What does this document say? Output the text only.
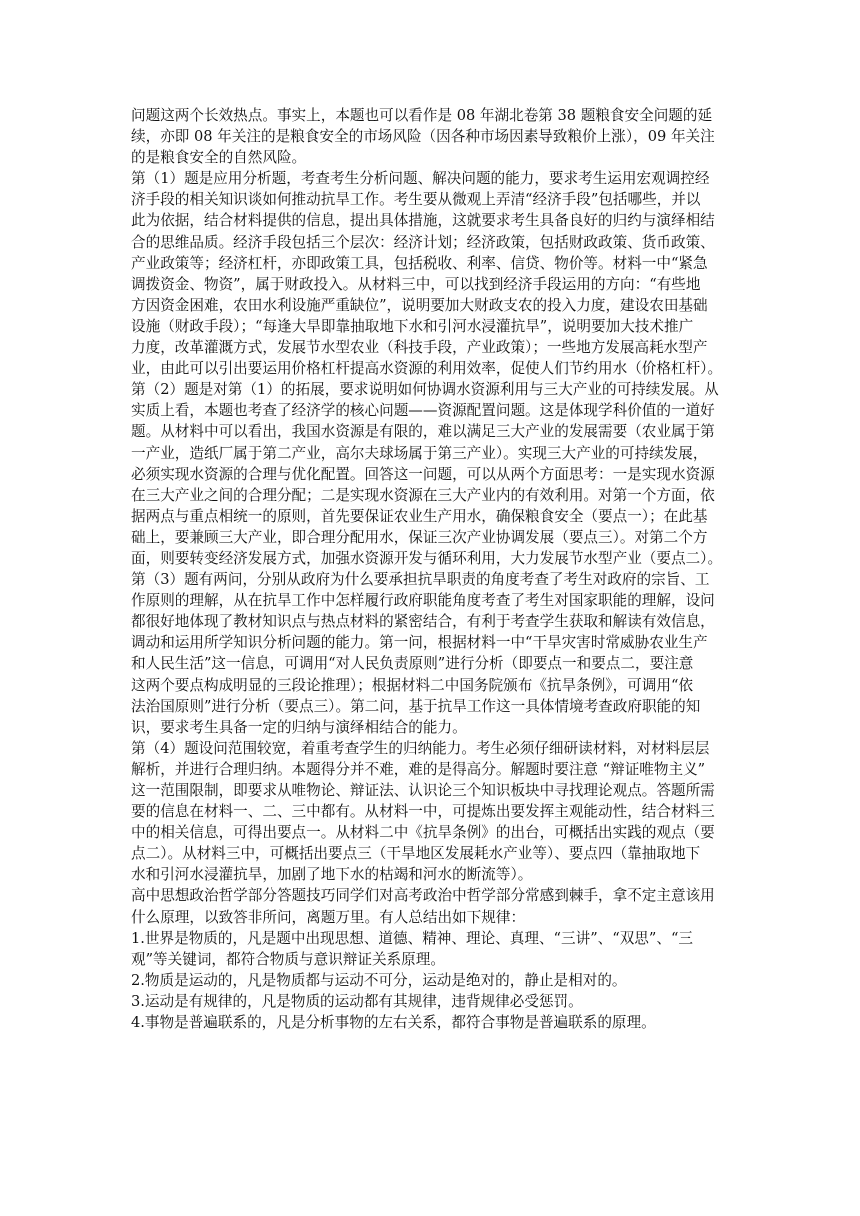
问题这两个长效热点。事实上，本题也可以看作是 08 年湖北卷第 38 题粮食安全问题的延
续，亦即 08 年关注的是粮食安全的市场风险（因各种市场因素导致粮价上涨），09 年关注
的是粮食安全的自然风险。
第（1）题是应用分析题，考查考生分析问题、解决问题的能力，要求考生运用宏观调控经
济手段的相关知识谈如何推动抗旱工作。考生要从微观上弄清“经济手段”包括哪些，并以
此为依据，结合材料提供的信息，提出具体措施，这就要求考生具备良好的归约与演绎相结
合的思维品质。经济手段包括三个层次：经济计划；经济政策，包括财政政策、货币政策、
产业政策等；经济杠杆，亦即政策工具，包括税收、利率、信贷、物价等。材料一中“紧急
调拨资金、物资”，属于财政投入。从材料三中，可以找到经济手段运用的方向：“有些地
方因资金困难，农田水利设施严重缺位”，说明要加大财政支农的投入力度，建设农田基础
设施（财政手段）；“每逢大旱即靠抽取地下水和引河水浸灌抗旱”，说明要加大技术推广
力度，改革灌溉方式，发展节水型农业（科技手段，产业政策）；一些地方发展高耗水型产
业，由此可以引出要运用价格杠杆提高水资源的利用效率，促使人们节约用水（价格杠杆）。
第（2）题是对第（1）的拓展，要求说明如何协调水资源利用与三大产业的可持续发展。从
实质上看，本题也考查了经济学的核心问题——资源配置问题。这是体现学科价值的一道好
题。从材料中可以看出，我国水资源是有限的，难以满足三大产业的发展需要（农业属于第
一产业，造纸厂属于第二产业，高尔夫球场属于第三产业）。实现三大产业的可持续发展，
必须实现水资源的合理与优化配置。回答这一问题，可以从两个方面思考：一是实现水资源
在三大产业之间的合理分配；二是实现水资源在三大产业内的有效利用。对第一个方面，依
据两点与重点相统一的原则，首先要保证农业生产用水，确保粮食安全（要点一）；在此基
础上，要兼顾三大产业，即合理分配用水，保证三次产业协调发展（要点三）。对第二个方
面，则要转变经济发展方式，加强水资源开发与循环利用，大力发展节水型产业（要点二）。
第（3）题有两问，分别从政府为什么要承担抗旱职责的角度考查了考生对政府的宗旨、工
作原则的理解，从在抗旱工作中怎样履行政府职能角度考查了考生对国家职能的理解，设问
都很好地体现了教材知识点与热点材料的紧密结合，有利于考查学生获取和解读有效信息，
调动和运用所学知识分析问题的能力。第一问，根据材料一中“干旱灾害时常威胁农业生产
和人民生活”这一信息，可调用“对人民负责原则”进行分析（即要点一和要点二，要注意
这两个要点构成明显的三段论推理）；根据材料二中国务院颁布《抗旱条例》，可调用“依
法治国原则”进行分析（要点三）。第二问，基于抗旱工作这一具体情境考查政府职能的知
识，要求考生具备一定的归纳与演绎相结合的能力。
第（4）题设问范围较宽，着重考查学生的归纳能力。考生必须仔细研读材料，对材料层层
解析，并进行合理归纳。本题得分并不难，难的是得高分。解题时要注意 “辩证唯物主义”
这一范围限制，即要求从唯物论、辩证法、认识论三个知识板块中寻找理论观点。答题所需
要的信息在材料一、二、三中都有。从材料一中，可提炼出要发挥主观能动性，结合材料三
中的相关信息，可得出要点一。从材料二中《抗旱条例》的出台，可概括出实践的观点（要
点二）。从材料三中，可概括出要点三（干旱地区发展耗水产业等）、要点四（靠抽取地下
水和引河水浸灌抗旱，加剧了地下水的枯竭和河水的断流等）。
高中思想政治哲学部分答题技巧同学们对高考政治中哲学部分常感到棘手，拿不定主意该用
什么原理，以致答非所问，离题万里。有人总结出如下规律：
1.世界是物质的，凡是题中出现思想、道德、精神、理论、真理、“三讲”、“双思”、“三
观”等关键词，都符合物质与意识辩证关系原理。
2.物质是运动的，凡是物质都与运动不可分，运动是绝对的，静止是相对的。
3.运动是有规律的，凡是物质的运动都有其规律，违背规律必受惩罚。
4.事物是普遍联系的，凡是分析事物的左右关系，都符合事物是普遍联系的原理。
